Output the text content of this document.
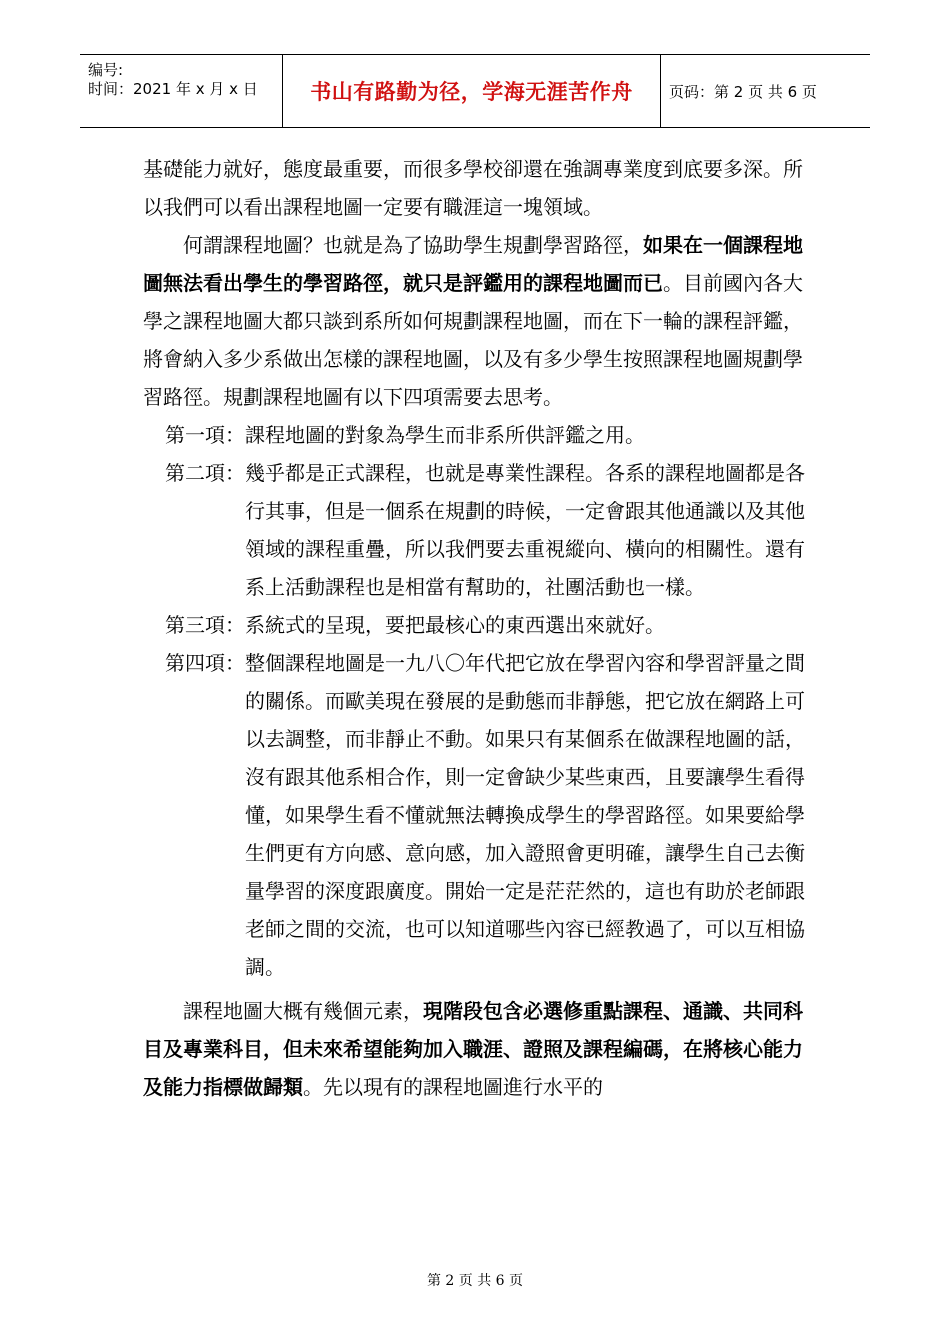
编号:
时间：2021 年 x 月 x 日	书山有路勤为径，学海无涯苦作舟 页码：第 2 页 共 6 页

基礎能力就好，態度最重要，而很多學校卻還在強調專業度到底要多深。所以我們可以看出課程地圖一定要有職涯這一塊領域。

何謂課程地圖？也就是為了協助學生規劃學習路徑，如果在一個課程地圖無法看出學生的學習路徑，就只是評鑑用的課程地圖而已。目前國內各大學之課程地圖大都只談到系所如何規劃課程地圖，而在下一輪的課程評鑑，將會納入多少系做出怎樣的課程地圖，以及有多少學生按照課程地圖規劃學習路徑。規劃課程地圖有以下四項需要去思考。

第一項： 課程地圖的對象為學生而非系所供評鑑之用。
第二項： 幾乎都是正式課程，也就是專業性課程。各系的課程地圖都是各行其事，但是一個系在規劃的時候，一定會跟其他通識以及其他領域的課程重疊，所以我們要去重視縱向、橫向的相關性。還有系上活動課程也是相當有幫助的，社團活動也一樣。
第三項： 系統式的呈現，要把最核心的東西選出來就好。
第四項： 整個課程地圖是一九八〇年代把它放在學習內容和學習評量之間的關係。而歐美現在發展的是動態而非靜態，把它放在網路上可以去調整，而非靜止不動。如果只有某個系在做課程地圖的話，沒有跟其他系相合作，則一定會缺少某些東西，且要讓學生看得懂，如果學生看不懂就無法轉換成學生的學習路徑。如果要給學生們更有方向感、意向感，加入證照會更明確，讓學生自己去衡量學習的深度跟廣度。開始一定是茫茫然的，這也有助於老師跟老師之間的交流，也可以知道哪些內容已經教過了，可以互相協調。

課程地圖大概有幾個元素，現階段包含必選修重點課程、通識、共同科目及專業科目，但未來希望能夠加入職涯、證照及課程編碼，在將核心能力及能力指標做歸類。先以現有的課程地圖進行水平的

第 2 页 共 6 页
